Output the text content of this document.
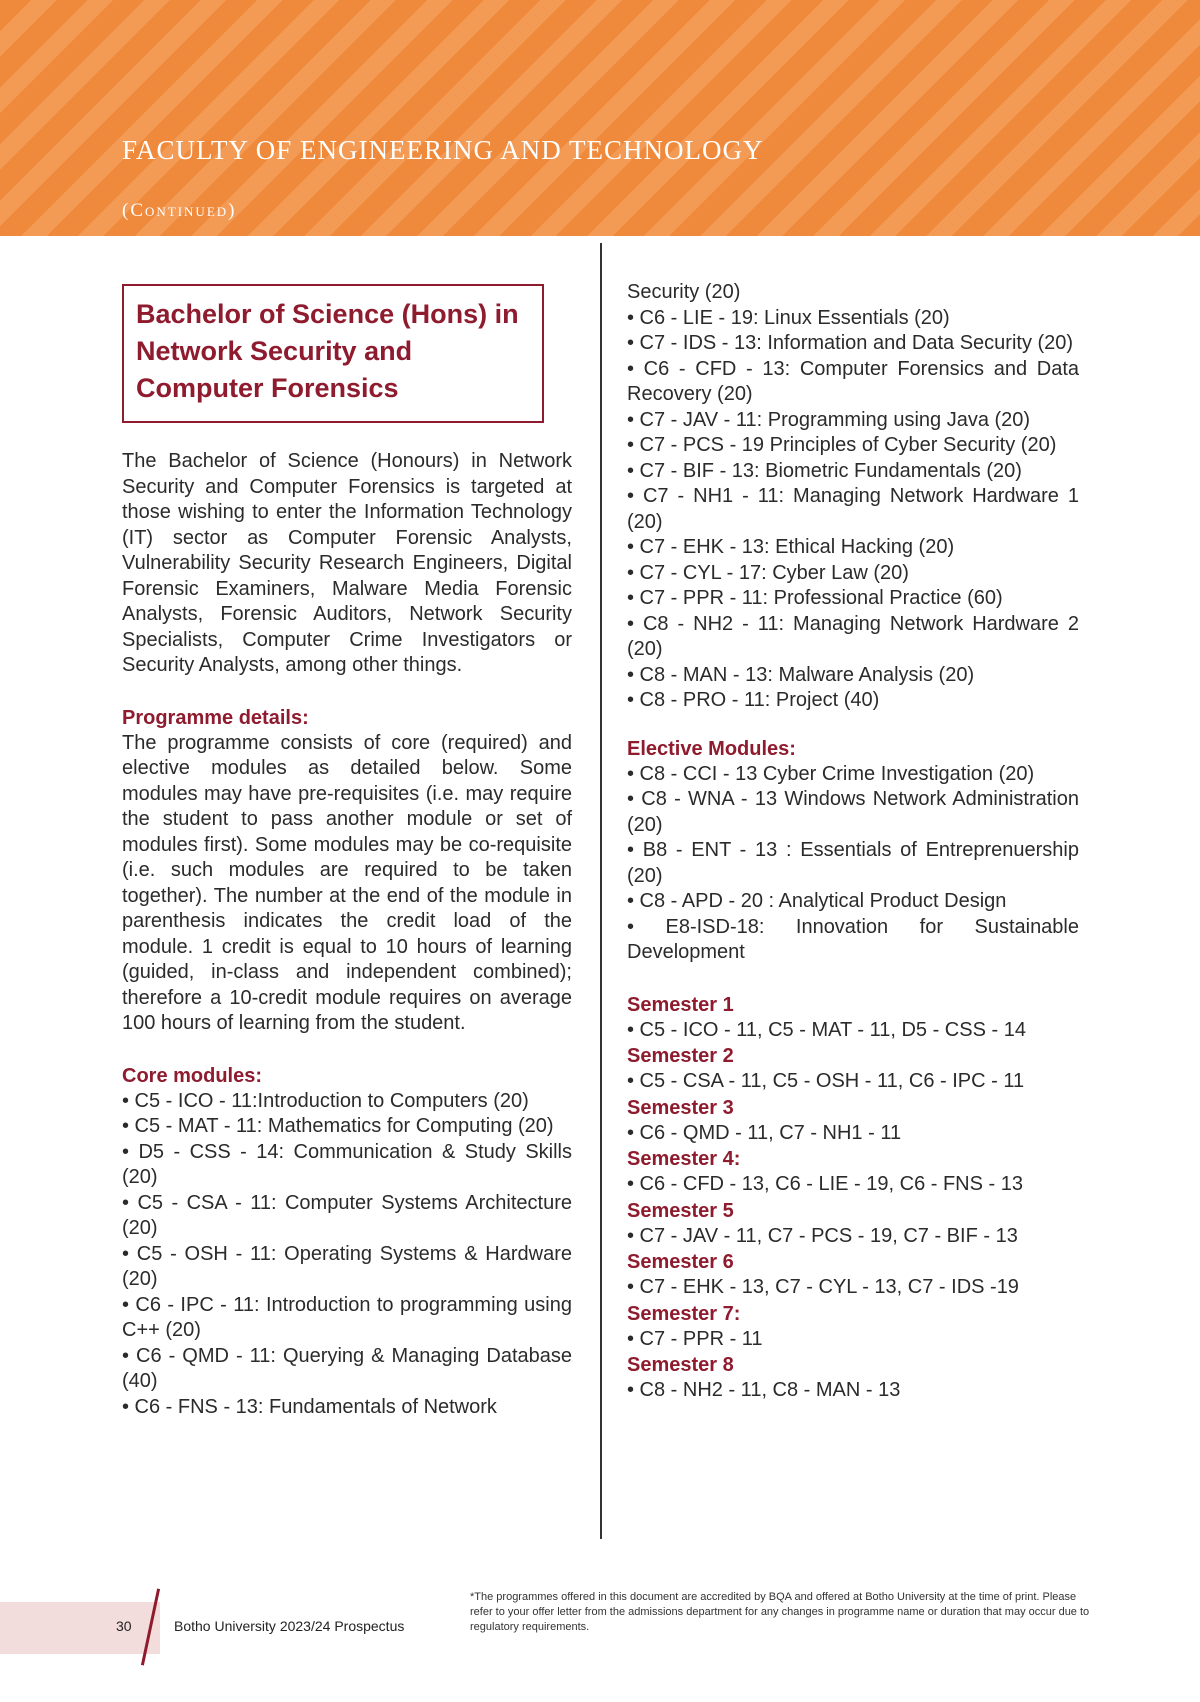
FACULTY OF ENGINEERING AND TECHNOLOGY
(Continued)
Bachelor of Science (Hons) in Network Security and Computer Forensics

The Bachelor of Science (Honours) in Network Security and Computer Forensics is targeted at those wishing to enter the Information Technology (IT) sector as Computer Forensic Analysts, Vulnerability Security Research Engineers, Digital Forensic Examiners, Malware Media Forensic Analysts, Forensic Auditors, Network Security Specialists, Computer Crime Investigators or Security Analysts, among other things.

Programme details:

The programme consists of core (required) and elective modules as detailed below. Some modules may have pre-requisites (i.e. may require the student to pass another module or set of modules first). Some modules may be co-requisite (i.e. such modules are required to be taken together). The number at the end of the module in parenthesis indicates the credit load of the module. 1 credit is equal to 10 hours of learning (guided, in-class and independent combined); therefore a 10-credit module requires on average 100 hours of learning from the student.

Core modules:

• C5 - ICO - 11:Introduction to Computers (20)
• C5 - MAT - 11: Mathematics for Computing (20)
• D5 - CSS - 14: Communication & Study Skills (20)
• C5 - CSA - 11: Computer Systems Architecture (20)
• C5 - OSH - 11: Operating Systems & Hardware (20)
• C6 - IPC - 11: Introduction to programming using C++ (20)
• C6 - QMD - 11: Querying & Managing Database (40)
• C6 - FNS - 13: Fundamentals of Network
Security (20)
• C6 - LIE - 19: Linux Essentials (20)
• C7 - IDS - 13: Information and Data Security (20)
• C6 - CFD - 13: Computer Forensics and Data Recovery (20)
• C7 - JAV - 11: Programming using Java (20)
• C7 - PCS - 19 Principles of Cyber Security (20)
• C7 - BIF - 13: Biometric Fundamentals (20)
• C7 - NH1 - 11: Managing Network Hardware 1 (20)
• C7 - EHK - 13: Ethical Hacking (20)
• C7 - CYL - 17: Cyber Law (20)
• C7 - PPR - 11: Professional Practice (60)
• C8 - NH2 - 11: Managing Network Hardware 2 (20)
• C8 - MAN - 13: Malware Analysis (20)
• C8 - PRO - 11: Project (40)

Elective Modules:

• C8 - CCI - 13 Cyber Crime Investigation (20)
• C8 - WNA - 13 Windows Network Administration (20)
• B8 - ENT - 13 : Essentials of Entreprenuership (20)
• C8 - APD - 20 : Analytical Product Design
• E8-ISD-18: Innovation for Sustainable Development

Semester 1

• C5 - ICO - 11, C5 - MAT - 11, D5 - CSS - 14

Semester 2

• C5 - CSA - 11, C5 - OSH - 11, C6 - IPC - 11

Semester 3

• C6 - QMD - 11, C7 - NH1 - 11

Semester 4:

• C6 - CFD - 13, C6 - LIE - 19, C6 - FNS - 13

Semester 5

• C7 - JAV - 11, C7 - PCS - 19, C7 - BIF - 13

Semester 6

• C7 - EHK - 13, C7 - CYL - 13, C7 - IDS -19

Semester 7:

• C7 - PPR - 11

Semester 8

• C8 - NH2 - 11, C8 - MAN - 13

30	Botho University 2023/24 Prospectus
*The programmes offered in this document are accredited by BQA and offered at Botho University at the time of print. Please refer to your offer letter from the admissions department for any changes in programme name or duration that may occur due to regulatory requirements.
